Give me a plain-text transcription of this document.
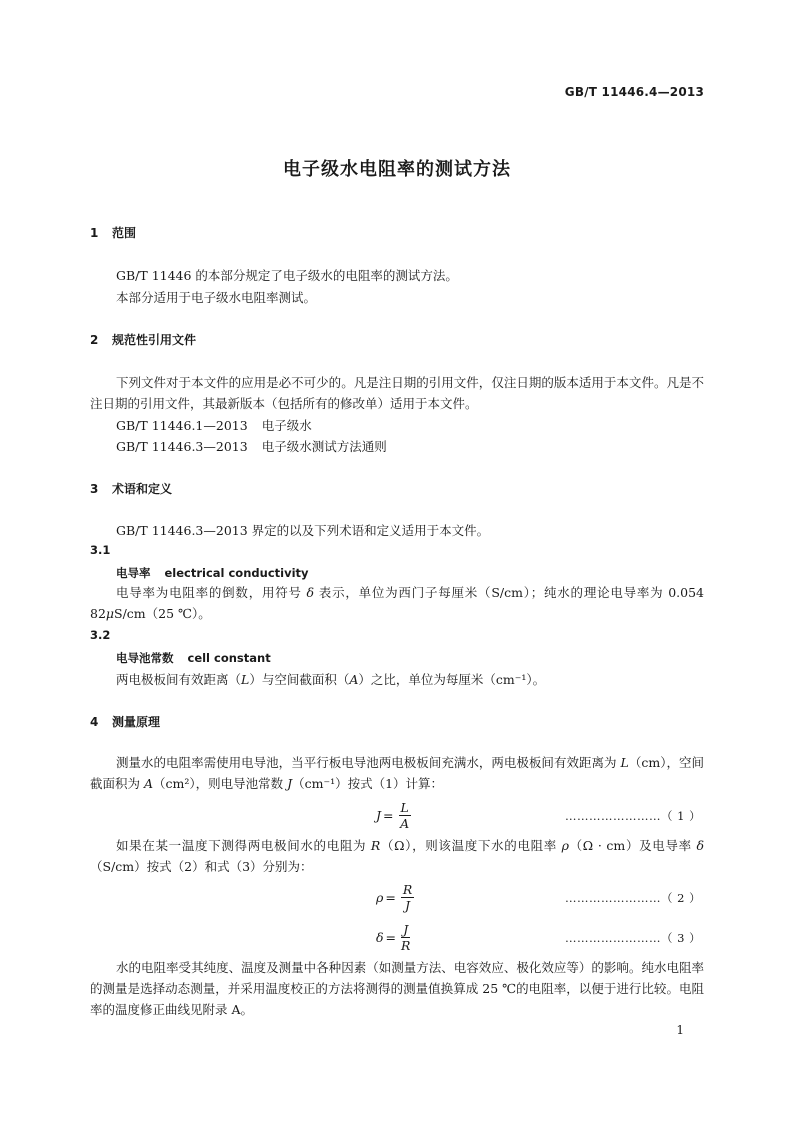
GB/T 11446.4—2013
电子级水电阻率的测试方法
1 范围
GB/T 11446 的本部分规定了电子级水的电阻率的测试方法。
本部分适用于电子级水电阻率测试。
2 规范性引用文件
下列文件对于本文件的应用是必不可少的。凡是注日期的引用文件，仅注日期的版本适用于本文件。凡是不注日期的引用文件，其最新版本（包括所有的修改单）适用于本文件。
GB/T 11446.1—2013 电子级水
GB/T 11446.3—2013 电子级水测试方法通则
3 术语和定义
GB/T 11446.3—2013 界定的以及下列术语和定义适用于本文件。
3.1
电导率 electrical conductivity
电导率为电阻率的倒数，用符号 δ 表示，单位为西门子每厘米（S/cm）；纯水的理论电导率为 0.054 82μS/cm（25 ℃）。
3.2
电导池常数 cell constant
两电极板间有效距离（L）与空间截面积（A）之比，单位为每厘米（cm⁻¹）。
4 测量原理
测量水的电阻率需使用电导池，当平行板电导池两电极板间充满水，两电极板间有效距离为 L（cm），空间截面积为 A（cm²），则电导池常数 J（cm⁻¹）按式（1）计算：
$J = \frac{L}{A}$	……………………（ 1 ）
如果在某一温度下测得两电极间水的电阻为 R（Ω），则该温度下水的电阻率 ρ（Ω · cm）及电导率 δ（S/cm）按式（2）和式（3）分别为：
$\rho = \frac{R}{J}$	……………………（ 2 ）
$\delta = \frac{J}{R}$	……………………（ 3 ）
水的电阻率受其纯度、温度及测量中各种因素（如测量方法、电容效应、极化效应等）的影响。纯水电阻率的测量是选择动态测量，并采用温度校正的方法将测得的测量值换算成 25 ℃的电阻率，以便于进行比较。电阻率的温度修正曲线见附录 A。
1
